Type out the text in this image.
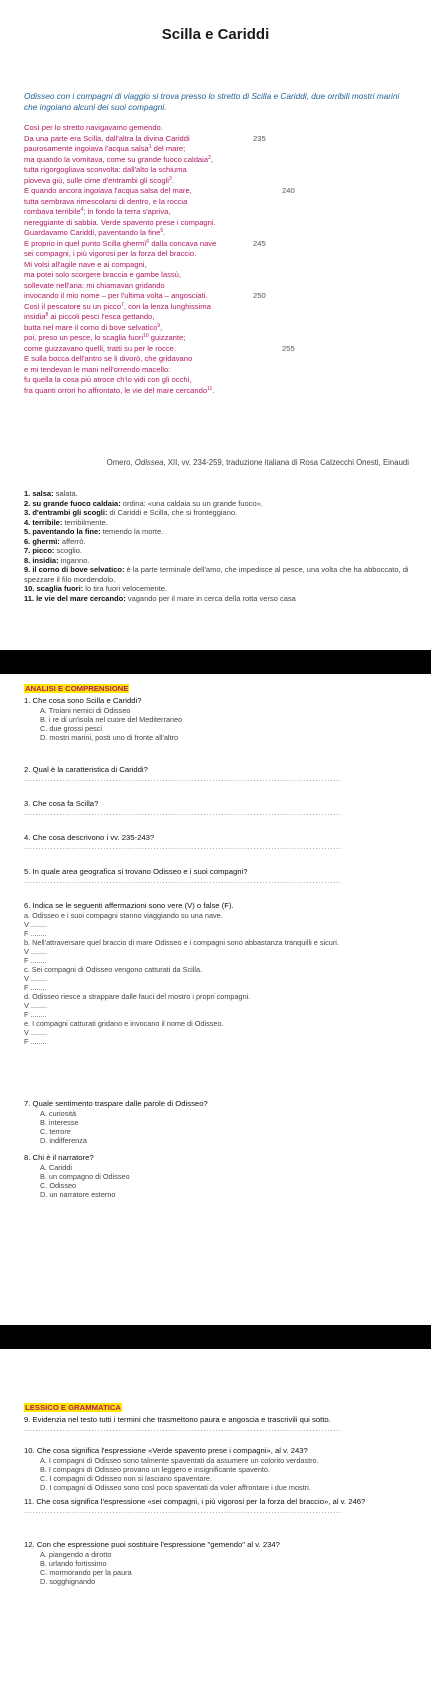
Scilla e Cariddi
Odisseo con i compagni di viaggio si trova presso lo stretto di Scilla e Cariddi, due orribili mostri marini che ingoiano alcuni dei suoi compagni.
Così per lo stretto navigavamo gemendo.
Da una parte era Scilla, dall'altra la divina Cariddi	235
paurosamente ingoiava l'acqua salsa$^1$ del mare;
ma quando la vomitava, come su grande fuoco caldaia$^2$,
tutta rigorgogliava sconvolta: dall'alto la schiuma
pioveva giù, sulle cime d'entrambi gli scogli$^3$.
E quando ancora ingoiava l'acqua salsa del mare,	240
tutta sembrava rimescolarsi di dentro, e la roccia
rombava terribile$^4$; in fondo la terra s'apriva,
nereggiante di sabbia. Verde spavento prese i compagni.
Guardavamo Cariddi, paventando la fine$^5$.
E proprio in quel punto Scilla ghermì$^6$ dalla concava nave	245
sei compagni, i più vigorosi per la forza del braccio.
Mi volsi all'agile nave e ai compagni,
ma potei solo scorgere braccia e gambe lassù,
sollevate nell'aria: mi chiamavan gridando
invocando il mio nome – per l'ultima volta – angosciati.	250
Così il pescatore su un picco$^7$, con la lenza lunghissima
insidia$^8$ ai piccoli pesci l'esca gettando,
butta nel mare il corno di bove selvatico$^9$,
poi, preso un pesce, lo scaglia fuori$^{10}$ guizzante;
come guizzavano quelli, tratti su per le rocce.	255
E sulla bocca dell'antro se li divorò, che gridavano
e mi tendevan le mani nell'orrendo macello:
fu quella la cosa più atroce ch'io vidi con gli occhi,
fra quanti orrori ho affrontato, le vie del mare cercando$^{11}$.
Omero, Odissea, XII, vv. 234-259, traduzione italiana di Rosa Calzecchi Onesti, Einaudi
1. salsa: salata.
2. su grande fuoco caldaia: ordina: «una caldaia su un grande fuoco».
3. d'entrambi gli scogli: di Cariddi e Scilla, che si fronteggiano.
4. terribile: terribilmente.
5. paventando la fine: temendo la morte.
6. ghermì: afferrò.
7. picco: scoglio.
8. insidia: inganno.
9. il corno di bove selvatico: è la parte terminale dell'amo, che impedisce al pesce, una volta che ha abboccato, di spezzare il filo mordendolo.
10. scaglia fuori: lo tira fuori velocemente.
11. le vie del mare cercando: vagando per il mare in cerca della rotta verso casa
ANALISI E COMPRENSIONE
1. Che cosa sono Scilla e Cariddi?
A. Troiani nemici di Odisseo
B. i re di un'isola nel cuore del Mediterraneo
C. due grossi pesci
D. mostri marini, posti uno di fronte all'altro
2. Qual è la caratteristica di Cariddi?
............................................................................................................
3. Che cosa fa Scilla?
............................................................................................................
4. Che cosa descrivono i vv. 235-243?
............................................................................................................
5. In quale area geografica si trovano Odisseo e i suoi compagni?
............................................................................................................
6. Indica se le seguenti affermazioni sono vere (V) o false (F).
a. Odisseo e i suoi compagni stanno viaggiando su una nave.
V ........
F ........
b. Nell'attraversare quel braccio di mare Odisseo e i compagni sono abbastanza tranquilli e sicuri.
V ........
F ........
c. Sei compagni di Odisseo vengono catturati da Scilla.
V ........
F ........
d. Odisseo riesce a strappare dalle fauci del mostro i propri compagni.
V ........
F ........
e. I compagni catturati gridano e invocano il nome di Odisseo.
V ........
F ........
7. Quale sentimento traspare dalle parole di Odisseo?
A. curiosità
B. interesse
C. terrore
D. indifferenza
8. Chi è il narratore?
A. Cariddi
B. un compagno di Odisseo
C. Odisseo
D. un narratore esterno
LESSICO E GRAMMATICA
9. Evidenzia nel testo tutti i termini che trasmettono paura e angoscia e trascrivili qui sotto.
............................................................................................................
10. Che cosa significa l'espressione «Verde spavento prese i compagni», al v. 243?
A. I compagni di Odisseo sono talmente spaventati da assumere un colorito verdastro.
B. I compagni di Odisseo provano un leggero e insignificante spavento.
C. I compagni di Odisseo non si lasciano spaventare.
D. I compagni di Odisseo sono così poco spaventati da voler affrontare i due mostri.
11. Che cosa significa l'espressione «sei compagni, i più vigorosi per la forza del braccio», al v. 246?
............................................................................................................
12. Con che espressione puoi sostituire l'espressione "gemendo" al v. 234?
A. piangendo a dirotto
B. urlando fortissimo
C. mormorando per la paura
D. sogghignando
